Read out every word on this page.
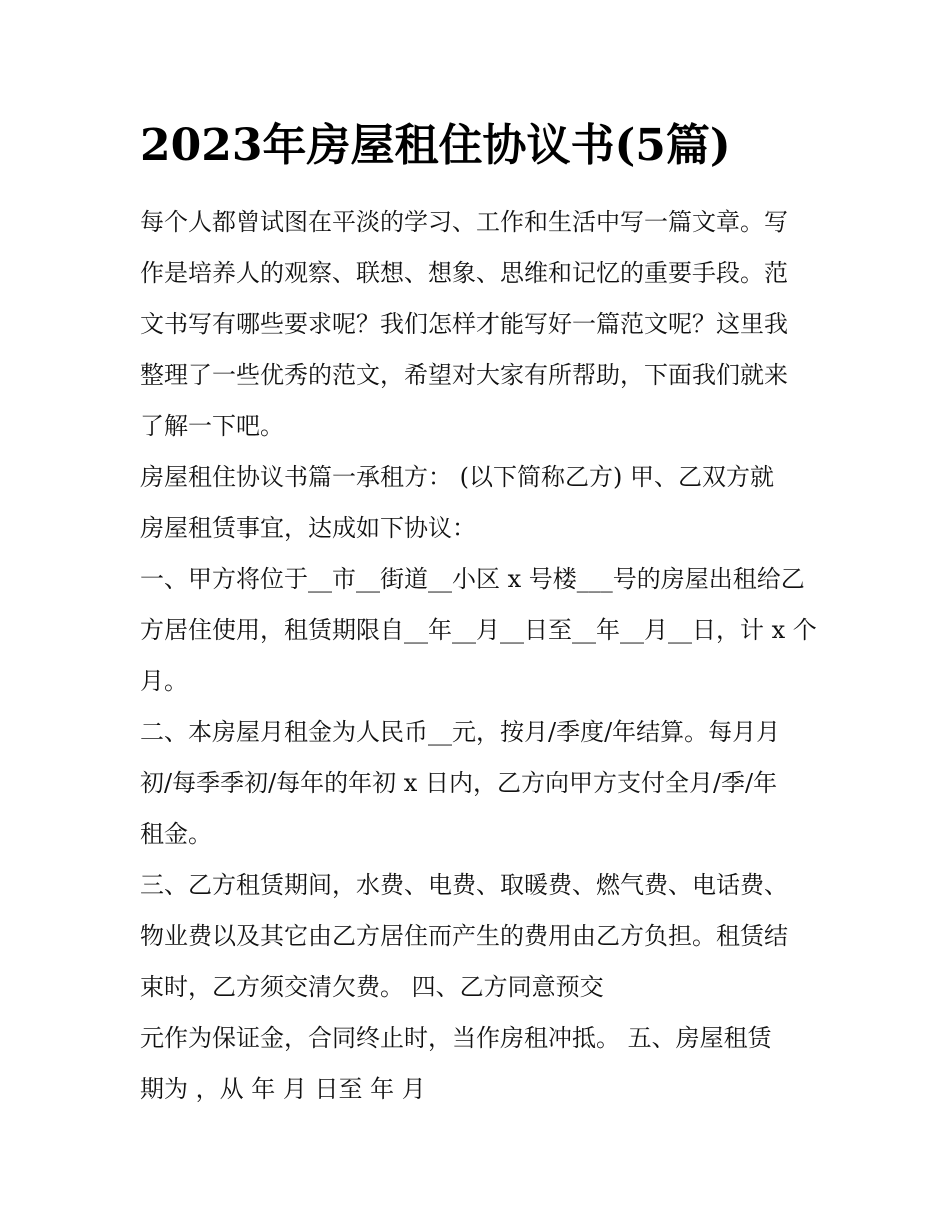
2023年房屋租住协议书(5篇)
每个人都曾试图在平淡的学习、工作和生活中写一篇文章。写
作是培养人的观察、联想、想象、思维和记忆的重要手段。范
文书写有哪些要求呢？我们怎样才能写好一篇范文呢？这里我
整理了一些优秀的范文，希望对大家有所帮助，下面我们就来
了解一下吧。
房屋租住协议书篇一承租方： (以下简称乙方) 甲、乙双方就
房屋租赁事宜，达成如下协议：
一、甲方将位于__市__街道__小区 x 号楼___号的房屋出租给乙
方居住使用，租赁期限自__年__月__日至__年__月__日，计 x 个
月。
二、本房屋月租金为人民币__元，按月/季度/年结算。每月月
初/每季季初/每年的年初 x 日内，乙方向甲方支付全月/季/年
租金。
三、乙方租赁期间，水费、电费、取暖费、燃气费、电话费、
物业费以及其它由乙方居住而产生的费用由乙方负担。租赁结
束时，乙方须交清欠费。 四、乙方同意预交
元作为保证金，合同终止时，当作房租冲抵。 五、房屋租赁
期为 ，从 年 月 日至 年 月
